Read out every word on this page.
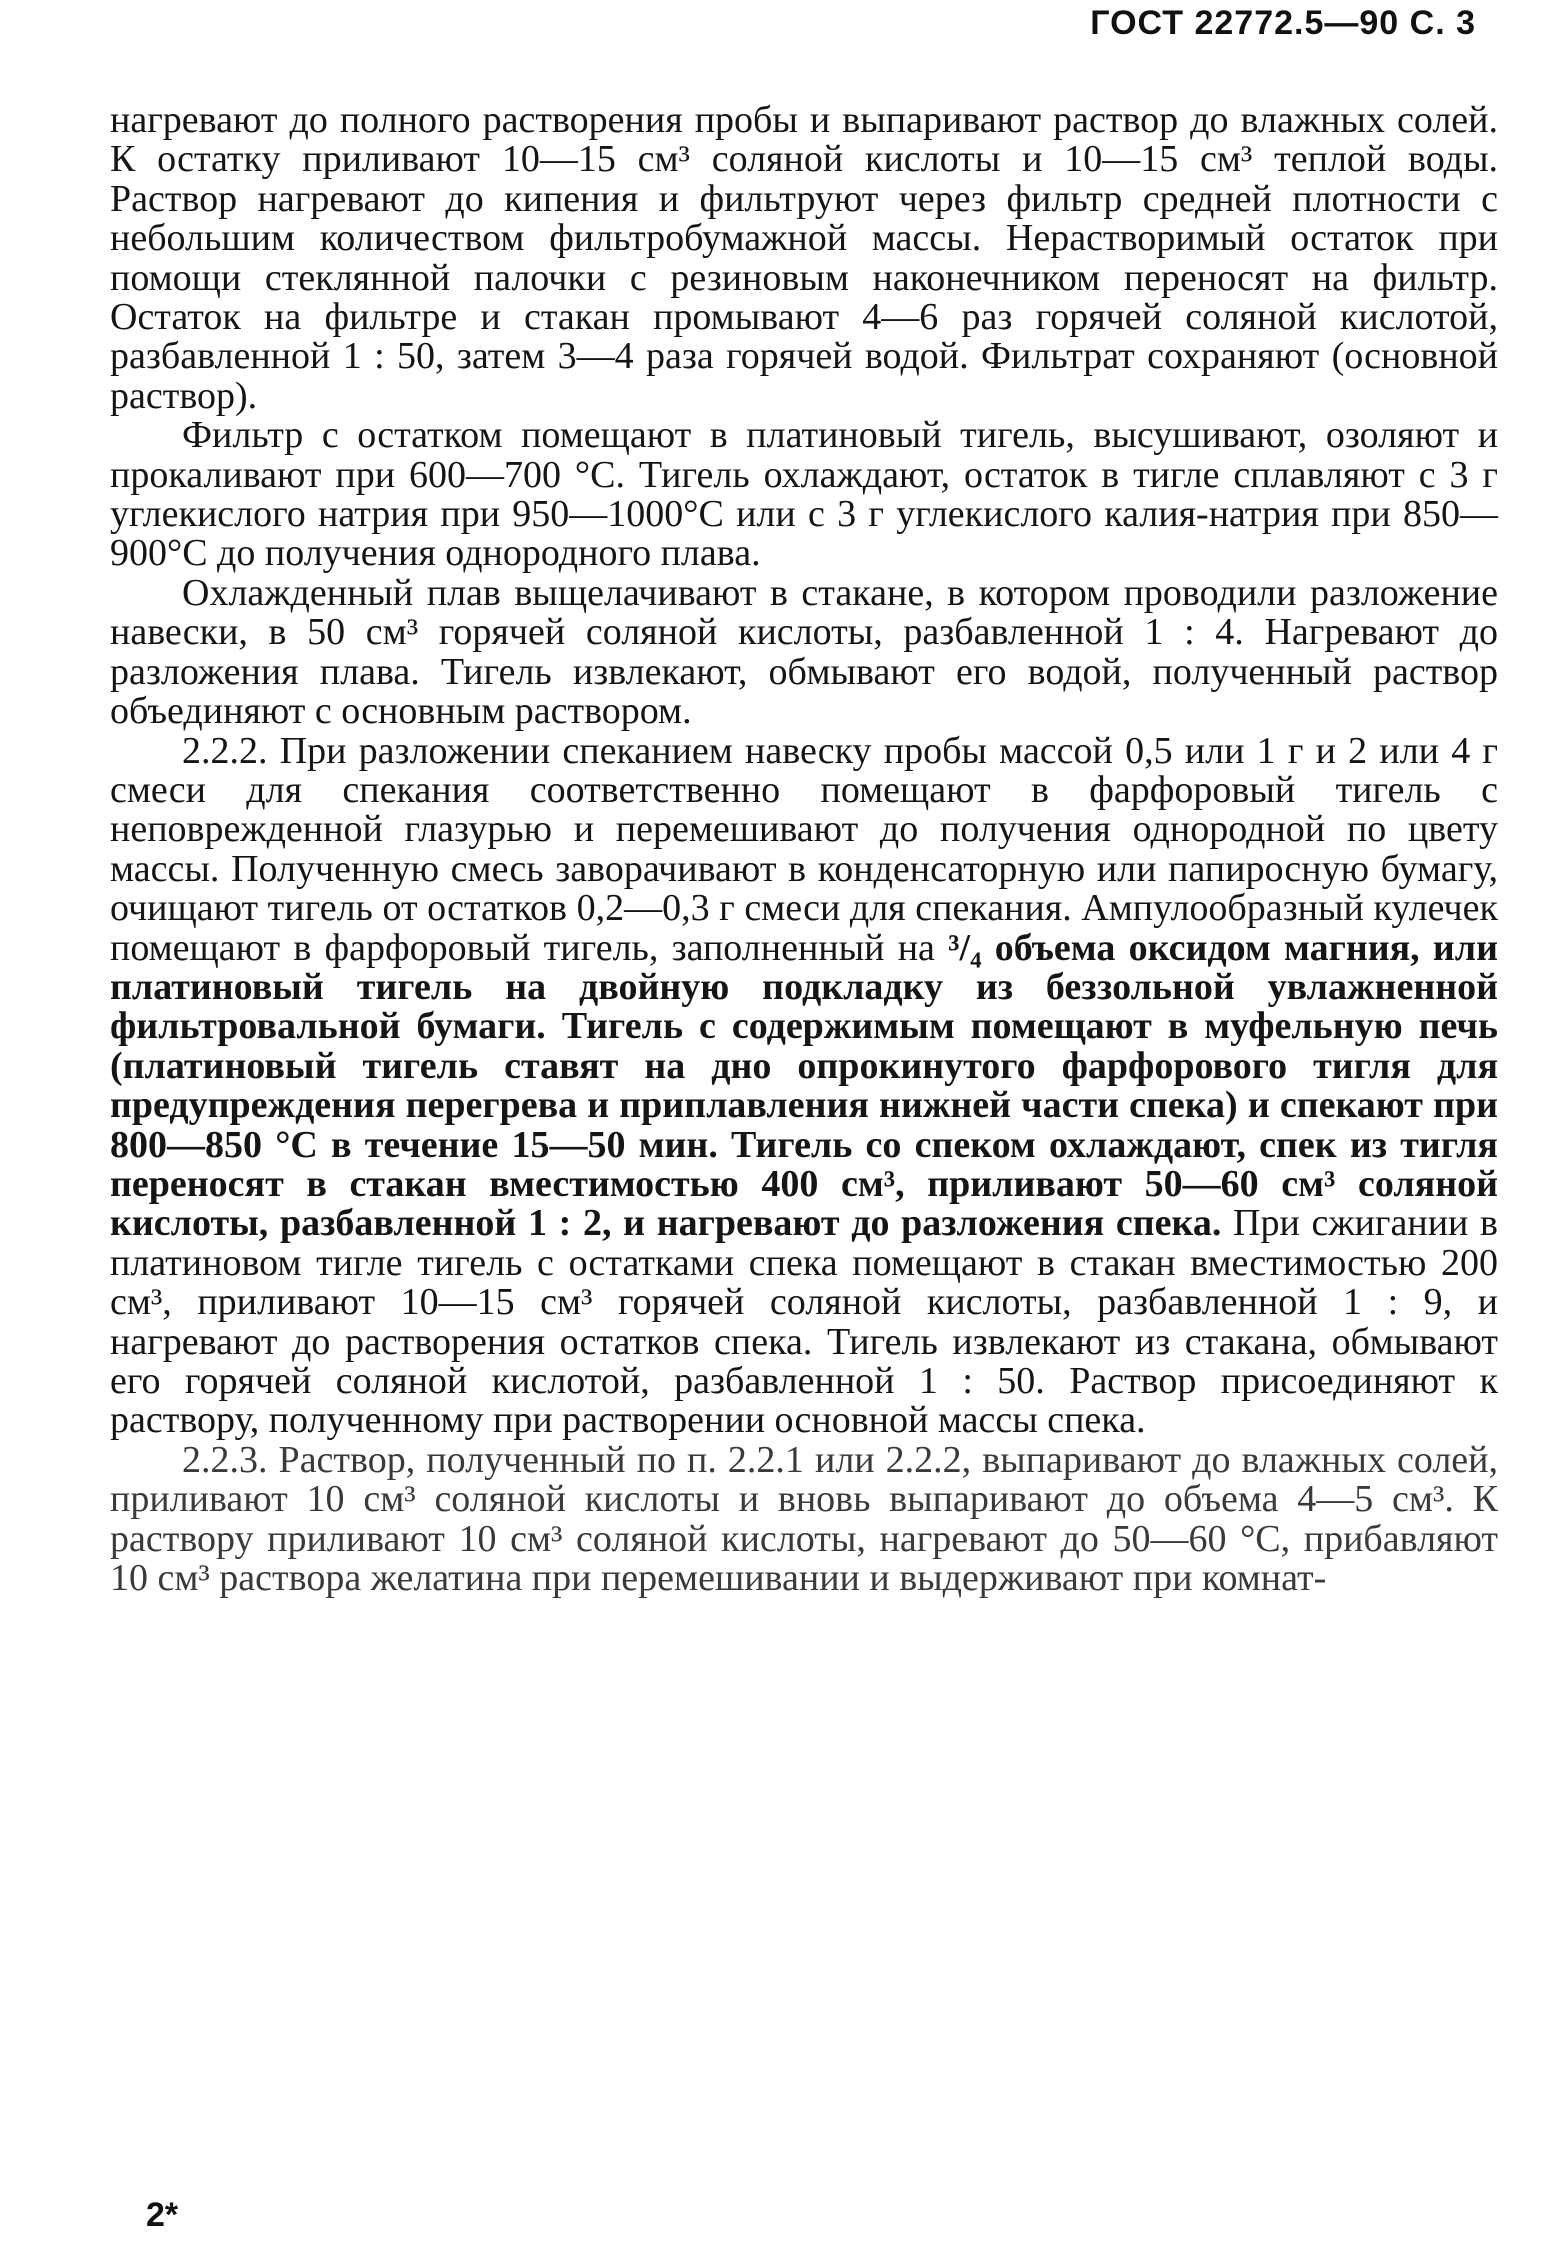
ГОСТ 22772.5—90 С. 3

нагревают до полного растворения пробы и выпаривают раствор до влажных солей. К остатку приливают 10—15 см³ соляной кислоты и 10—15 см³ теплой воды. Раствор нагревают до кипения и фильтруют через фильтр средней плотности с небольшим количеством фильтробумажной массы. Нерастворимый остаток при помощи стеклянной палочки с резиновым наконечником переносят на фильтр. Остаток на фильтре и стакан промывают 4—6 раз горячей соляной кислотой, разбавленной 1 : 50, затем 3—4 раза горячей водой. Фильтрат сохраняют (основной раствор).

Фильтр с остатком помещают в платиновый тигель, высушивают, озоляют и прокаливают при 600—700 °С. Тигель охлаждают, остаток в тигле сплавляют с 3 г углекислого натрия при 950—1000°С или с 3 г углекислого калия-натрия при 850—900°С до получения однородного плава.

Охлажденный плав выщелачивают в стакане, в котором проводили разложение навески, в 50 см³ горячей соляной кислоты, разбавленной 1 : 4. Нагревают до разложения плава. Тигель извлекают, обмывают его водой, полученный раствор объединяют с основным раствором.

2.2.2. При разложении спеканием навеску пробы массой 0,5 или 1 г и 2 или 4 г смеси для спекания соответственно помещают в фарфоровый тигель с неповрежденной глазурью и перемешивают до получения однородной по цвету массы. Полученную смесь заворачивают в конденсаторную или папиросную бумагу, очищают тигель от остатков 0,2—0,3 г смеси для спекания. Ампулообразный кулечек помещают в фарфоровый тигель, заполненный на ³/₄ объема оксидом магния, или платиновый тигель на двойную подкладку из беззольной увлажненной фильтровальной бумаги. Тигель с содержимым помещают в муфельную печь (платиновый тигель ставят на дно опрокинутого фарфорового тигля для предупреждения перегрева и приплавления нижней части спека) и спекают при 800—850 °С в течение 15—50 мин. Тигель со спеком охлаждают, спек из тигля переносят в стакан вместимостью 400 см³, приливают 50—60 см³ соляной кислоты, разбавленной 1 : 2, и нагревают до разложения спека. При сжигании в платиновом тигле тигель с остатками спека помещают в стакан вместимостью 200 см³, приливают 10—15 см³ горячей соляной кислоты, разбавленной 1 : 9, и нагревают до растворения остатков спека. Тигель извлекают из стакана, обмывают его горячей соляной кислотой, разбавленной 1 : 50. Раствор присоединяют к раствору, полученному при растворении основной массы спека.

2.2.3. Раствор, полученный по п. 2.2.1 или 2.2.2, выпаривают до влажных солей, приливают 10 см³ соляной кислоты и вновь выпаривают до объема 4—5 см³. К раствору приливают 10 см³ соляной кислоты, нагревают до 50—60 °С, прибавляют 10 см³ раствора желатина при перемешивании и выдерживают при комнат-

2*
